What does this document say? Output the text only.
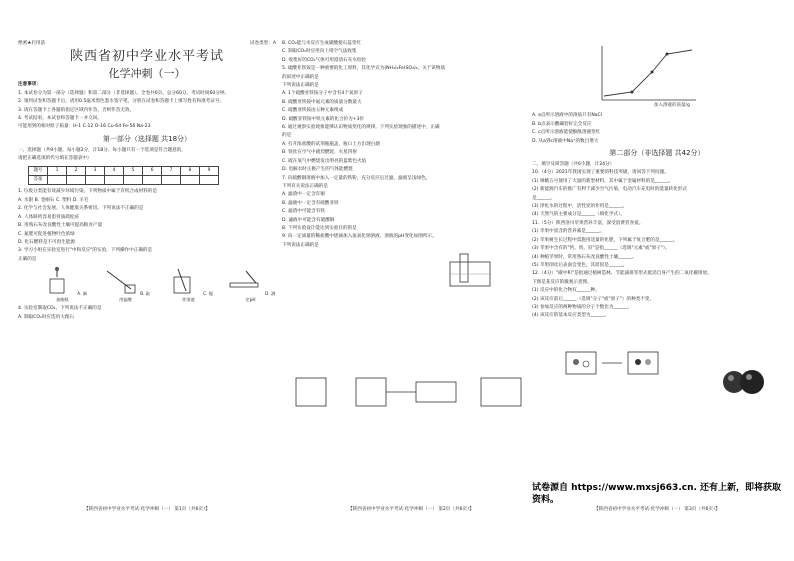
绝密★启用前	试卷类型：A
陕西省初中学业水平考试
化学冲刺（一）
注意事项：
1. 本试卷分为第一部分（选择题）和第二部分（非选择题）。全卷共6页，总分60分。考试时间60分钟。
2. 领到试卷和答题卡后，请用0.5毫米黑色墨水签字笔，分别在试卷和答题卡上填写姓名和准考证号。
3. 请在答题卡上各题的指定区域内作答，否则作答无效。
4. 考试结束，本试卷和答题卡一并交回。
可能用到的相对原子质量：H-1 C-12 O-16 Cu-64 Fe-56 Na-23
第一部分（选择题 共18分）
一、选择题（共9小题，每小题2分，计18分。每小题只有一个选项是符合题意的，
请把正确选项的代号填在答题表中）
题号	1	2	3	4	5	6	7	8	9
答案									
1. 垃圾分类能有效减少环境污染。下列物质中属于有机合成材料的是
A. 水银 B. 金刚石 C. 塑料 D. 羊毛
2. 化学与社会发展、人体健康关系密切。下列说法不正确的是
A. 人体缺钙容易患骨质疏松症
B. 用熟石灰改良酸性土壤可提高粮食产量
C. 氮肥可促进植物叶色浓绿
D. 化石燃料是不可再生能源
3. 学习小组在实验室进行"中和反应"的实验，下列操作中正确的是
正确的是
A. 滴加酚酞
B. 取用盐酸
C. 搅拌溶液
D. 测定pH
4. 实验室制取CO₂，下列说法不正确的是
A. 制取CO₂时应选用大理石
【陕西省初中学业水平考试·化学冲刺（一） 第1页（共6页）】
B. CO₂能与水反应生成碳酸使石蕊变红
C. 制取CO₂时应用向上排空气法收集
D. 收集好的CO₂气体可用澄清石灰水检验
5. 硫酸亚铁铵是一种重要的化工原料，其化学式为(NH₄)₂Fe(SO₄)₂。关于该物质
的叙述中正确的是
下列说法正确的是
A. 1个硫酸亚铁铵分子中含有4个氧原子
B. 硫酸亚铁铵中氮元素的质量分数最大
C. 硫酸亚铁铵由五种元素组成
D. 硫酸亚铁铵中铁元素的化合价为+3价
6. 通过观察实验现象能够认识物质变化的规律。下列实验现象的描述中，正确
的是
A. 打开浓盐酸的试剂瓶瓶盖，瓶口上方出现白烟
B. 铁丝在空气中剧烈燃烧，火星四射
C. 硫在氧气中燃烧发出明亮的蓝紫色火焰
D. 电解水时正极产生的气体能燃烧
7. 向硫酸铜溶液中加入一定量的铁粉，充分反应后过滤，滤液呈浅绿色。
下列有关说法正确的是
A. 滤渣中一定含有铜
B. 滤液中一定含有硫酸亚铁
C. 滤渣中可能含有铁
D. 滤液中可能含有硫酸铜
8. 下列实验设计能达到实验目的的是
9. 向一定质量的稀盐酸中逐滴加入氢氧化钠溶液，溶液的pH变化如图所示。
下列说法正确的是
【陕西省初中学业水平考试·化学冲刺（一） 第2页（共6页）】
加入溶液的质量/g
A. a点所示溶液中的溶质只有NaCl
B. b点表示酸碱恰好完全反应
C. c点所示溶液能使酚酞溶液变红
D. 从a到c溶液中Na⁺的数目增大
第二部分（非选择题 共42分）
二、填空及简答题（共6小题，计24分）
10.（4分）2021年我国实现了重要的科技突破，请回答下列问题。
(1) 嫦娥五号使用了大量的新型材料，其中属于金属材料的是______。
(2) 新能源汽车的推广有利于减少空气污染，电动汽车充电时的能量转化形式
是______。
(3) 净化水的过程中，活性炭的作用是______。
(4) 天然气的主要成分是______（填化学式）。
11.（5分）陕西洛川苹果营养丰富，深受消费者喜爱。
(1) 苹果中富含的营养素是______。
(2) 苹果树生长过程中需施用适量的化肥，下列属于复合肥的是______。
(3) 苹果中含有的"钙、铁、锌"是指______（选填"元素"或"原子"）。
(4) 种植苹果时，常用熟石灰改良酸性土壤______。
(5) 苹果削皮后表面会变色，其原因是______。
12.（4分）"碳中和"是指通过植树造林、节能减排等形式抵消自身产生的二氧化碳排放。
下图是某反应的微观示意图。
(1) 反应中的化合物有______种。
(2) 该反应前后______（选填"分子"或"原子"）的种类不变。
(3) 参加反应的两种物质的分子个数比为______。
(4) 该反应的基本反应类型为______。
试卷源自 https://www.mxsj663.cn. 还有上新，即将获取资料。
【陕西省初中学业水平考试·化学冲刺（一） 第3页（共6页）】
